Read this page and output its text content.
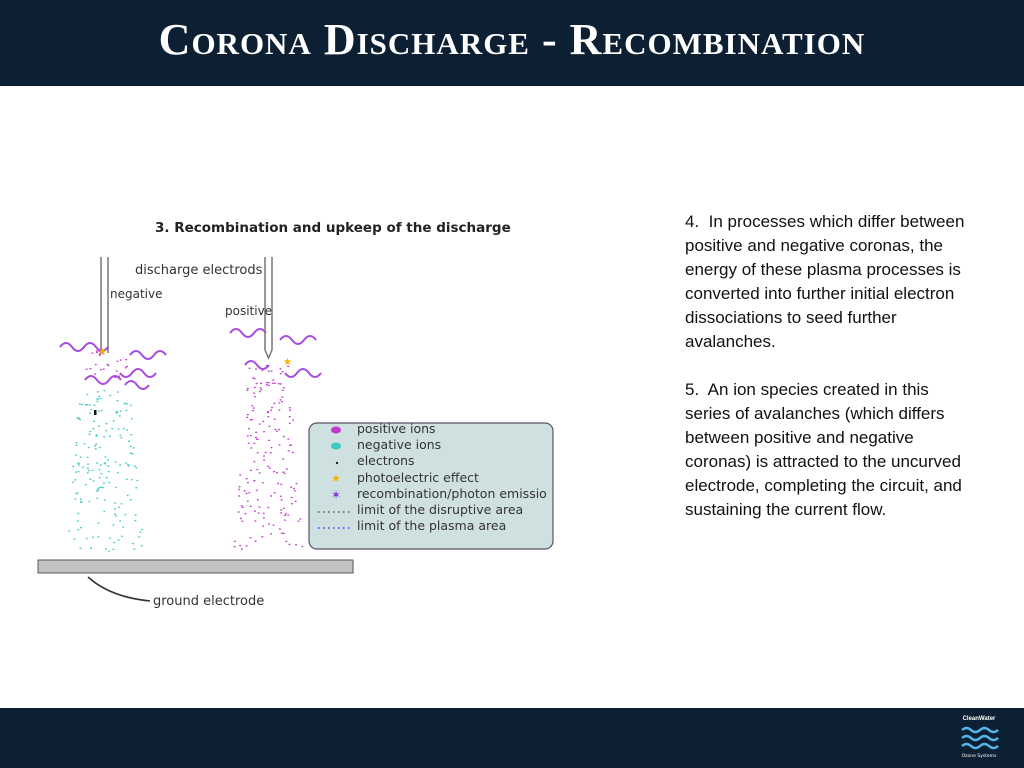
Corona Discharge - Recombination
3. Recombination and upkeep of the discharge
discharge electrods
negative
positive
★
★
ground electrode
positive ions
negative ions
electrons
★ photoelectric effect
✶ recombination/photon emissio
limit of the disruptive area
limit of the plasma area

4.  In processes which differ between positive and negative coronas, the energy of these plasma processes is converted into further initial electron dissociations to seed further avalanches.

5.  An ion species created in this series of avalanches (which differs between positive and negative coronas) is attracted to the uncurved electrode, completing the circuit, and sustaining the current flow.

CleanWater
Ozone Systems
